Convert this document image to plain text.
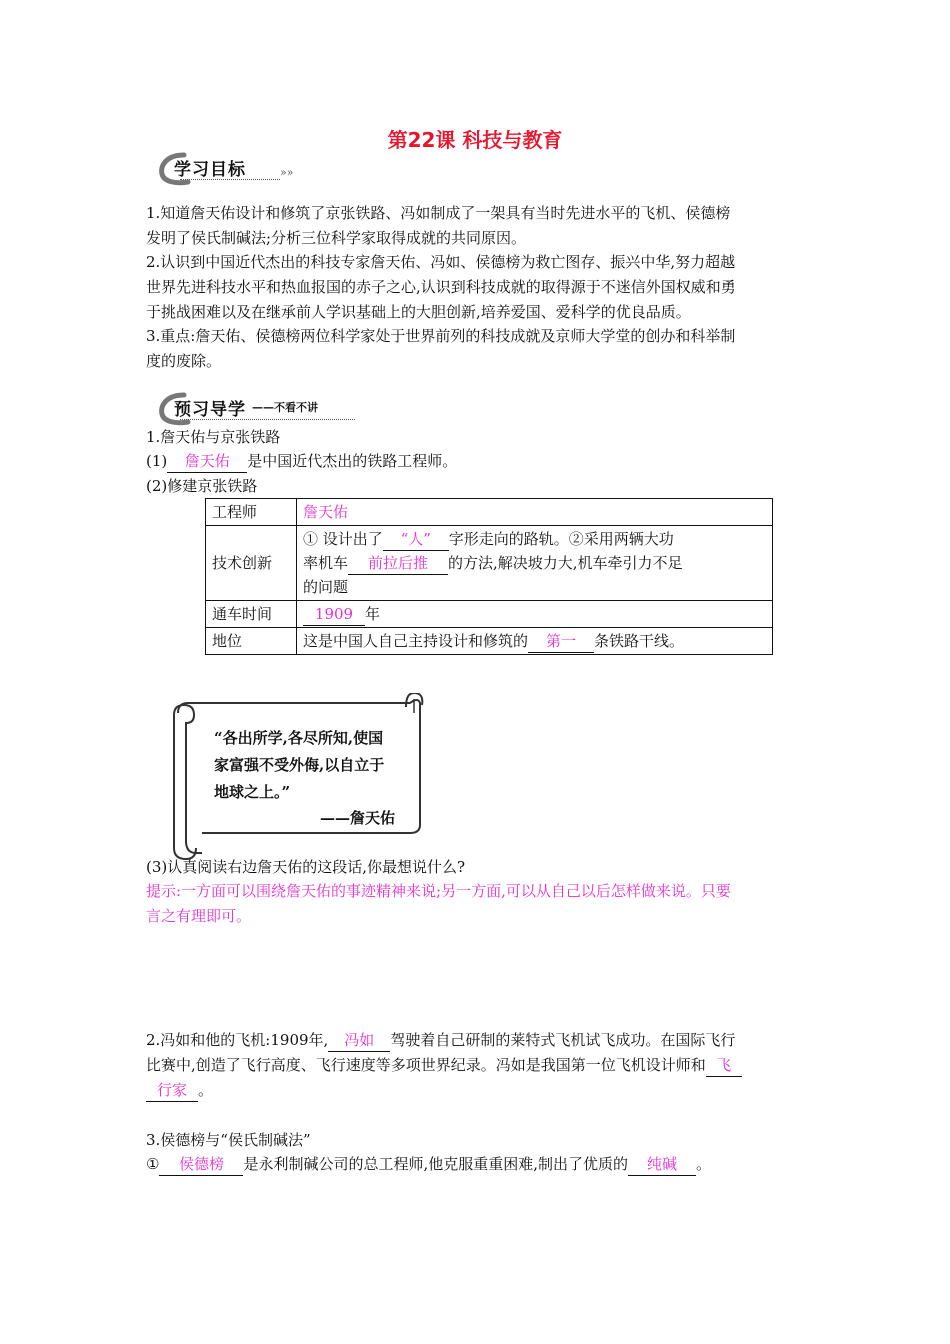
第22课 科技与教育
学习目标	»»
1.知道詹天佑设计和修筑了京张铁路、冯如制成了一架具有当时先进水平的飞机、侯德榜
发明了侯氏制碱法;分析三位科学家取得成就的共同原因。
2.认识到中国近代杰出的科技专家詹天佑、冯如、侯德榜为救亡图存、振兴中华,努力超越
世界先进科技水平和热血报国的赤子之心,认识到科技成就的取得源于不迷信外国权威和勇
于挑战困难以及在继承前人学识基础上的大胆创新,培养爱国、爱科学的优良品质。
3.重点:詹天佑、侯德榜两位科学家处于世界前列的科技成就及京师大学堂的创办和科举制
度的废除。
预习导学 ——不看不讲
1.詹天佑与京张铁路
(1) 詹天佑 是中国近代杰出的铁路工程师。
(2)修建京张铁路
工程师	詹天佑
技术创新	① 设计出了 “人” 字形走向的路轨。②采用两辆大功
率机车 前拉后推 的方法,解决坡力大,机车牵引力不足
的问题
通车时间	1909 年
地位	这是中国人自己主持设计和修筑的 第一 条铁路干线。
“各出所学,各尽所知,使国
家富强不受外侮,以自立于
地球之上。”
——詹天佑
(3)认真阅读右边詹天佑的这段话,你最想说什么?
提示:一方面可以围绕詹天佑的事迹精神来说;另一方面,可以从自己以后怎样做来说。只要
言之有理即可。
2.冯如和他的飞机:1909年, 冯如 驾驶着自己研制的莱特式飞机试飞成功。在国际飞行
比赛中,创造了飞行高度、飞行速度等多项世界纪录。冯如是我国第一位飞机设计师和 飞
行家 。
3.侯德榜与“侯氏制碱法”
① 侯德榜 是永利制碱公司的总工程师,他克服重重困难,制出了优质的 纯碱 。
